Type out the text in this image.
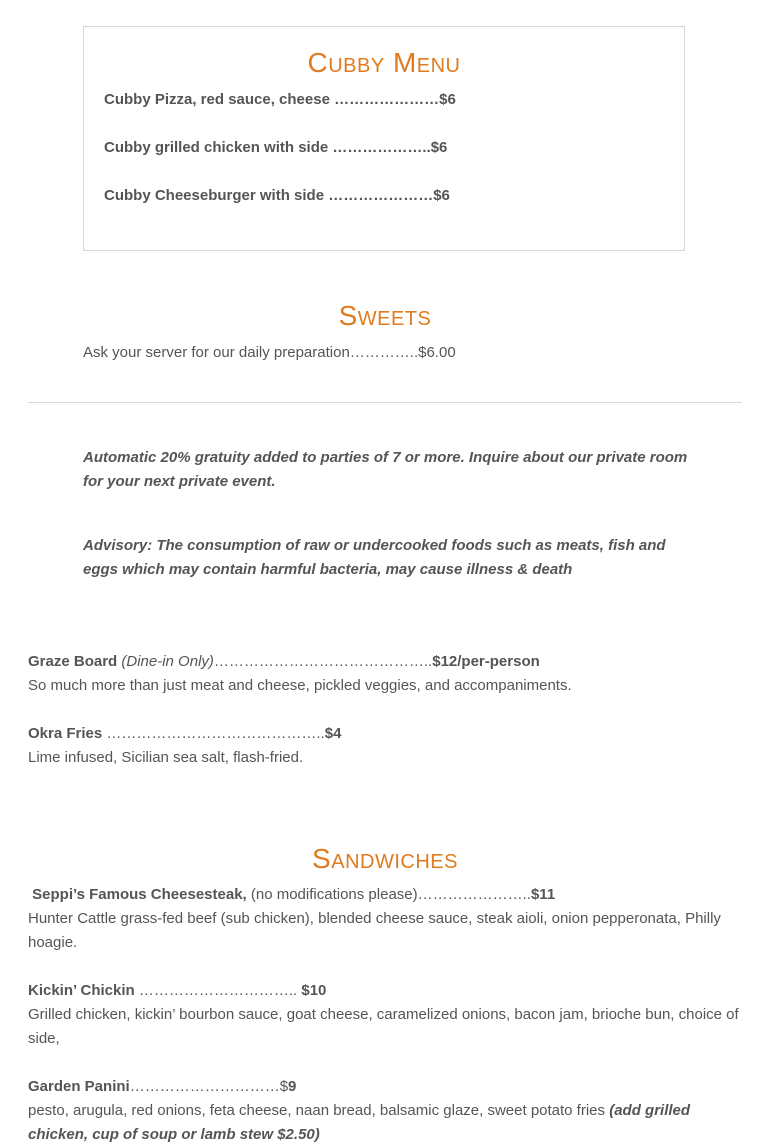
Cubby Menu
Cubby Pizza, red sauce, cheese …………………$6
Cubby grilled chicken with side ………………..$6
Cubby Cheeseburger with side …………………$6
Sweets
Ask your server for our daily preparation…………..$6.00
Automatic 20% gratuity added to parties of 7 or more. Inquire about our private room for your next private event.
Advisory: The consumption of raw or undercooked foods such as meats, fish and eggs which may contain harmful bacteria, may cause illness & death
Graze Board (Dine-in Only)……………………………………..$12/per-person
So much more than just meat and cheese, pickled veggies, and accompaniments.
Okra Fries ……………………………………..$4
Lime infused, Sicilian sea salt, flash-fried.
Sandwiches
Seppi’s Famous Cheesesteak, (no modifications please)…………………..$11
Hunter Cattle grass-fed beef (sub chicken), blended cheese sauce, steak aioli, onion pepperonata, Philly hoagie.
Kickin’ Chickin ………………………….. $10
Grilled chicken, kickin’ bourbon sauce, goat cheese, caramelized onions, bacon jam, brioche bun, choice of side,
Garden Panini…………………………$9
pesto, arugula, red onions, feta cheese, naan bread, balsamic glaze, sweet potato fries (add grilled chicken, cup of soup or lamb stew $2.50)
